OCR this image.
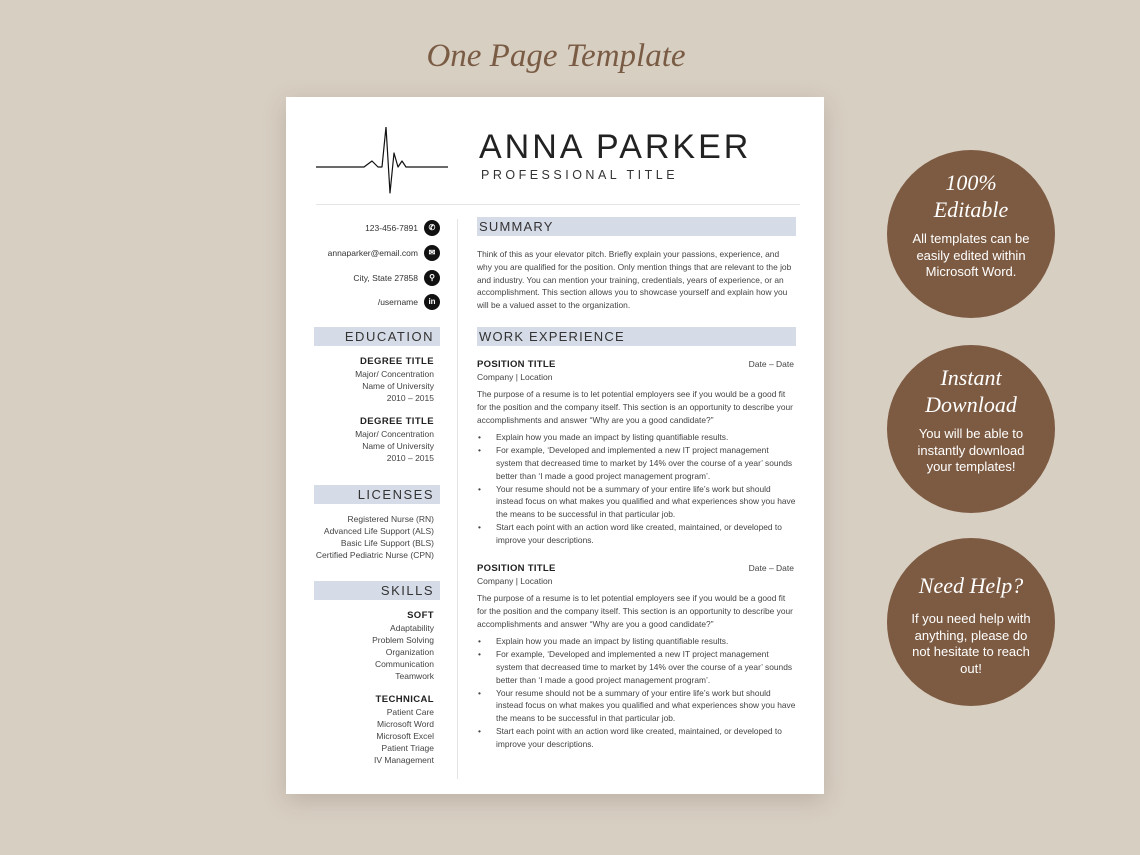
One Page Template
ANNA PARKER
PROFESSIONAL TITLE
123-456-7891	✆
annaparker@email.com	✉
City, State 27858	⚲
/username	in
EDUCATION
DEGREE TITLE
Major/ Concentration
Name of University
2010 – 2015
DEGREE TITLE
Major/ Concentration
Name of University
2010 – 2015
LICENSES
Registered Nurse (RN)
Advanced Life Support (ALS)
Basic Life Support (BLS)
Certified Pediatric Nurse (CPN)
SKILLS
SOFT
Adaptability
Problem Solving
Organization
Communication
Teamwork
TECHNICAL
Patient Care
Microsoft Word
Microsoft Excel
Patient Triage
IV Management
SUMMARY
Think of this as your elevator pitch. Briefly explain your passions, experience, and why you are qualified for the position. Only mention things that are relevant to the job and industry. You can mention your training, credentials, years of experience, or an accomplishment. This section allows you to showcase yourself and explain how you will be a valued asset to the organization.
WORK EXPERIENCE
POSITION TITLE	Date – Date
Company | Location
The purpose of a resume is to let potential employers see if you would be a good fit for the position and the company itself. This section is an opportunity to describe your accomplishments and answer “Why are you a good candidate?”
• Explain how you made an impact by listing quantifiable results.
• For example, ‘Developed and implemented a new IT project management system that decreased time to market by 14% over the course of a year’ sounds better than ‘I made a good project management program’.
• Your resume should not be a summary of your entire life’s work but should instead focus on what makes you qualified and what experiences show you have the means to be successful in that particular job.
• Start each point with an action word like created, maintained, or developed to improve your descriptions.
POSITION TITLE	Date – Date
Company | Location
The purpose of a resume is to let potential employers see if you would be a good fit for the position and the company itself. This section is an opportunity to describe your accomplishments and answer “Why are you a good candidate?”
• Explain how you made an impact by listing quantifiable results.
• For example, ‘Developed and implemented a new IT project management system that decreased time to market by 14% over the course of a year’ sounds better than ‘I made a good project management program’.
• Your resume should not be a summary of your entire life’s work but should instead focus on what makes you qualified and what experiences show you have the means to be successful in that particular job.
• Start each point with an action word like created, maintained, or developed to improve your descriptions.
100%
Editable
All templates can be easily edited within Microsoft Word.
Instant
Download
You will be able to instantly download your templates!
Need Help?
If you need help with anything, please do not hesitate to reach out!
